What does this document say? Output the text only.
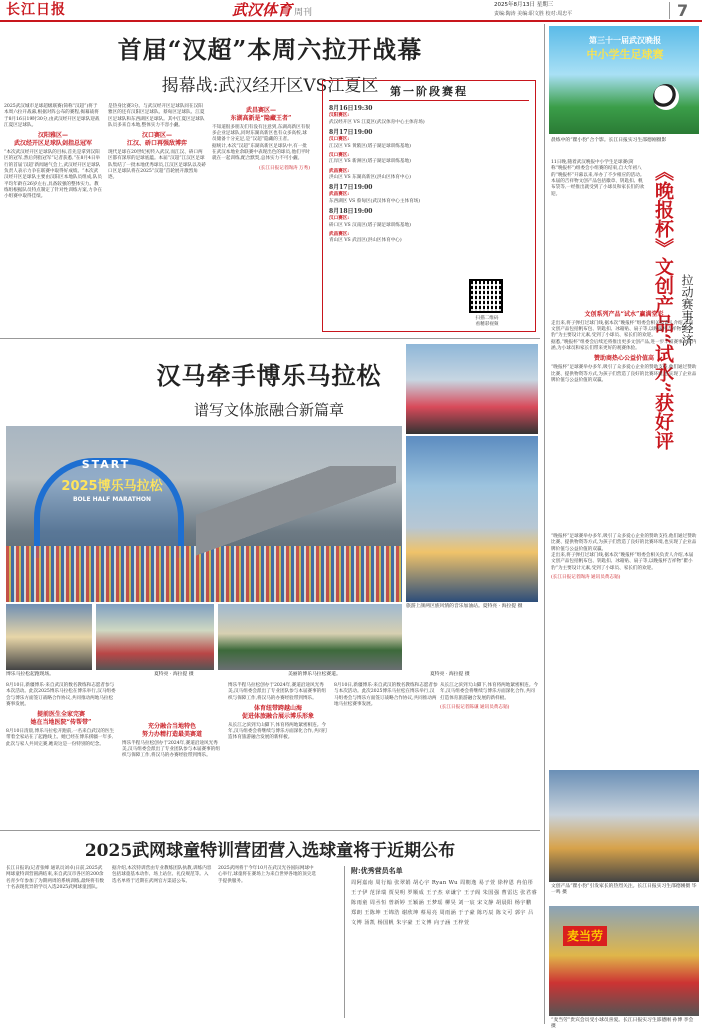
长江日报	武汉体育 周刊
2025年8月13日 星期三
责编:陶涛 美编:职文胜 校对:周忠平	7
首届“汉超”本周六拉开战幕
揭幕战:武汉经开区VS江夏区

2025武汉城市足球超级联赛(简称“汉超”)将于本周六拉开战幕,根据对阵公布的赛程,揭幕战将于8月16日19时30分,由武汉经开区足球队迎战江夏区足球队。

汉阳雅区—
武汉经开区足球队剑指总冠军

“本次武汉经开区足球队的目标,首先是拿到汉阳区的冠军,然后剑指冠军”记者获悉,“在8月4日举行的首届‘汉超’新闻通气会上,武汉经开区足球队负责人表示力争在联赛中取得好成绩。“本次武汉经开区足球队主要由汉阳区本地队员组成,队员平均年龄在26岁左右,具备较强的整体实力。教练组根据队员特点制定了针对性训练方案,力争在小组赛中取得佳绩。

是热身比赛3分。与武汉经开区足球队同在汉阳雅区的还有汉阳区足球队、蔡甸区足球队、江夏区足球队和东西湖区足球队。其中江夏区足球队队员多来自本地,整体实力不容小觑。

汉口赛区—
江汉、硚口再强敌博弈

现代足球在20世纪初传入武汉,而江汉、硚口两区都有深厚的足球底蕴。本届“汉超”江汉区足球队集结了一批本地优秀球员,江汉区足球队以及硚口区足球队将在2025“汉超”首轮展开激烈角逐。

武昌赛区—
东湖高新是“隐藏王者”

不知道很多朋友们有没有注意到,东湖高新区有很多企业足球队,同时东湖高新区也有众多高校,球员储备十分充足,是“汉超”隐藏的王者。

据统计,本次“汉超”东湖高新区足球队中,有一批在武汉本地业余联赛中表现出色的球员,他们平时就在一起训练,配合默契,总体实力不可小觑。

(长江日报记者陶涛 万秀)

第一阶段赛程
8月16日19:30
汉阳赛区:
武汉经开区 VS 江夏区(武汉体育中心主体育场)
8月17日19:00
汉口赛区:
江汉区 VS 黄陂区(塔子湖足球训练基地)
汉口赛区:
江岸区 VS 新洲区(塔子湖足球训练基地)
武昌赛区:
洪山区 VS 东湖高新区(洪山区体育中心)
8月17日19:00
武昌赛区:
东西湖区 VS 蔡甸区(武汉体育中心主体育场)
8月18日19:00
汉口赛区:
硚口区 VS 汉南区(塔子湖足球训练基地)
武昌赛区:
青山区 VS 武昌区(洪山区体育中心)
扫描二维码
看精彩视频
汉马牵手博乐马拉松
谱写文体旅融合新篇章
2025博乐马拉松
BOLE HALF MARATHON
START
旅游上颜两区族风情的音乐加油站。夏特亮 · 海拉提 摄
博乐马拉松起跑现场。	夏特亮 · 海拉提 摄	美丽的博乐马拉松赛道。	夏特亮 · 海拉提 摄

8月10日,新疆博乐·来自武汉的数名教练和志愿者参与本次活动。此次2025博乐马拉松在博乐举行,汉马组委会与博乐方面签订战略合作协议,共同推动两地马拉松赛事发展。

提前医生全家完赛
她在当地医院“传帮带”

8月10日清晨,博乐马拉松开跑前,一名来自武汉的医生带着全家站在了起跑线上。她已经在博乐援疆一年多,此次与家人共同完赛,她说这是一份特别的纪念。

充分融合当地特色
努力办精打造最美赛道

博乐半程马拉松创办于2024年,赛道沿途风光秀美,汉马组委会派出了专业团队参与本届赛事的组织与保障工作,将汉马的办赛经验带到博乐。

博乐半程马拉松创办于2024年,赛道沿途风光秀美,汉马组委会派出了专业团队参与本届赛事的组织与保障工作,将汉马的办赛经验带到博乐。

体育纽带跨越山海
促进体旅融合展示博乐形象

从长江之滨到天山脚下,体育将两地紧密相连。今年,汉马组委会将继续与博乐方面深化合作,共同打造体育旅游融合发展的新样板。

8月10日,新疆博乐·来自武汉的数名教练和志愿者参与本次活动。此次2025博乐马拉松在博乐举行,汉马组委会与博乐方面签订战略合作协议,共同推动两地马拉松赛事发展。

从长江之滨到天山脚下,体育将两地紧密相连。今年,汉马组委会将继续与博乐方面深化合作,共同打造体育旅游融合发展的新样板。

(长江日报记者陈谦 通讯员黄志韬)

2025武网球童特训营团营入选球童将于近期公布

长江日报讯(记者张峰 通讯员刘卓)日前,2025武网球童特训营圆满结束,来自武汉市各区的200余名青少年参加了为期两周的系统训练,最终将有数十名表现优异的学员入选2025武网球童团队。

据介绍,本次特训营由专业教练团队执教,训练内容包括球童基本动作、场上站位、礼仪规范等。入选名单将于近期在武网官方渠道公布。

2025武网将于今年10月在武汉光谷国际网球中心举行,球童将在赛场上为来自世界各地的顶尖选手提供服务。

附:优秀营员名单
周阿嘉南 周行翰 张翠娟 胡心宇 Ryan Wu 周朝逸 易子萱 徐梓恩 冉伯彤 王子伊 范泽瑞 贾昊明 罗顺成 王子杰 章谦宁 王子阁 朱国强 曹雷达 张君睿 陈雨童 周丞恒 曾新婷 王颖涵 王梦瑶 柳昊 刘一宸 宋文静 胡晨阳 杨宇鹏 郑朗 王陈坤 王锦浩 谢欣坤 蔡易亮 周雨涵 于子豪 陈巧辰 陈文可 郭宇 吕文博 汤凯 杨国帆 朱宇豪 王文博 向子涵 王梓萱
第三十一届武汉晚报
中小学生足球赛
晨练中的“瞿小豹”合个影。长江日报实习生邵德刚摄影
《晚报杯》文创产品“试水”获好评 拉动赛事经济

11日晚,随着武汉晚报中小学生足球赛(简称“晚报杯”)组委会小组赛的结束,自大年初八的“晚报杯”开幕以来,举办了不少相应的活动。本届的吉祥物文创产品包括徽章、钥匙扣、帆布袋等,一经推出就受到了小球员和家长们的欢迎。

文创系列产品“试水”赢满堂彩

走出来,将子弹打过球门线,据本次“晚报杯”组委会相关负责人介绍,本届文创产品包括帆布包、钥匙扣、冰箱贴、扇子等,以晚报杯吉祥物“瞿小豹”为主要设计元素,受到了小球员、家长们的欢迎。

据悉,“晚报杯”组委会后续还将推出更多文创产品,进一步丰富赛事文化内涵,为小球员和家长们带来更好的观赛体验。

赞助商热心公益价值高

“晚报杯”足球赛举办多年,吸引了众多爱心企业的赞助支持,他们通过赞助比赛、提供物资等方式,为孩子们营造了良好的比赛环境,也实现了企业品牌价值与公益价值的双赢。

“晚报杯”足球赛举办多年,吸引了众多爱心企业的赞助支持,他们通过赞助比赛、提供物资等方式,为孩子们营造了良好的比赛环境,也实现了企业品牌价值与公益价值的双赢。

走出来,将子弹打过球门线,据本次“晚报杯”组委会相关负责人介绍,本届文创产品包括帆布包、钥匙扣、冰箱贴、扇子等,以晚报杯吉祥物“瞿小豹”为主要设计元素,受到了小球员、家长们的欢迎。

(长江日报记者陶涛 通讯员黄志韬)

文创产品“瞿小豹”引发家长的热烈关注。长江日报实习生邵德刚摄 毕一鸣 摄
麦当劳
“麦当劳”贵宾会员受小球员喜爱。长江日报实习生邵德刚 孙博 李会 摄
